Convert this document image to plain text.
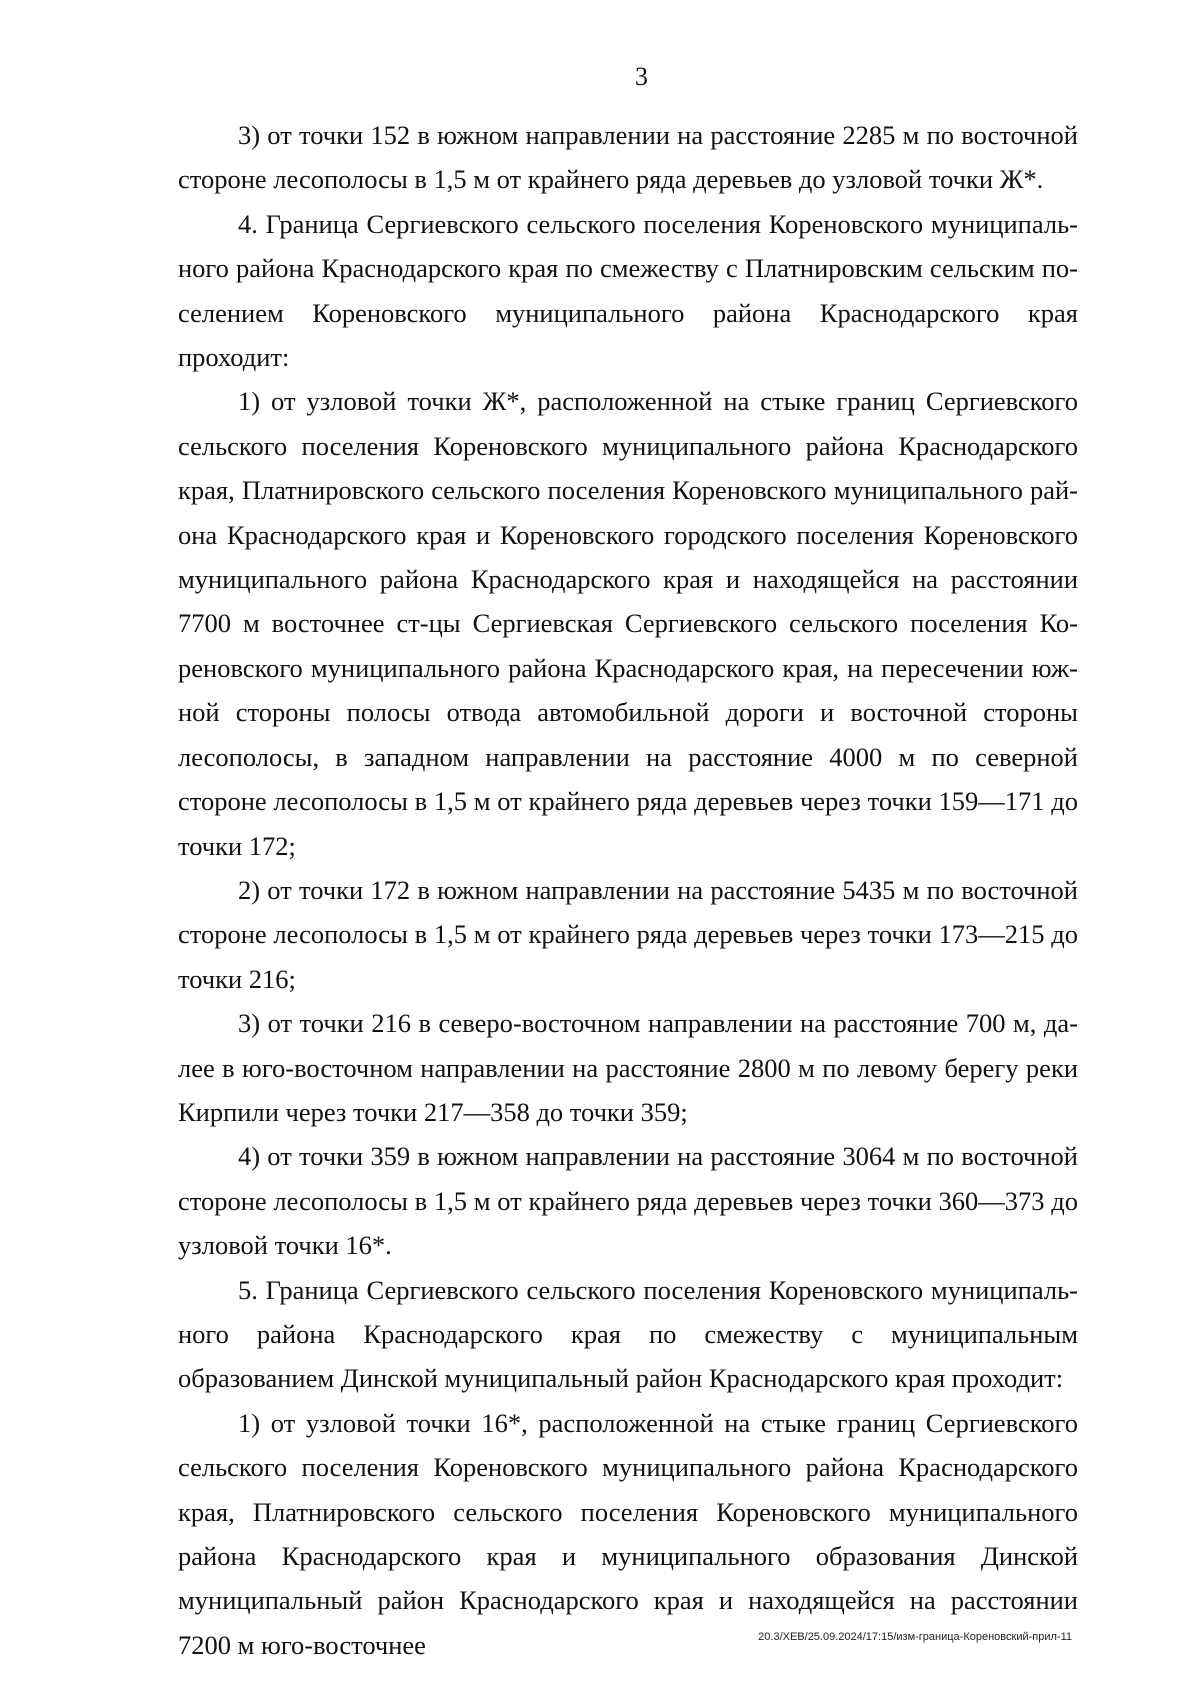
3

3) от точки 152 в южном направлении на расстояние 2285 м по восточной стороне лесополосы в 1,5 м от крайнего ряда деревьев до узловой точки Ж*.

4. Граница Сергиевского сельского поселения Кореновского муниципального района Краснодарского края по смежеству с Платнировским сельским поселением Кореновского муниципального района Краснодарского края проходит:

1) от узловой точки Ж*, расположенной на стыке границ Сергиевского сельского поселения Кореновского муниципального района Краснодарского края, Платнировского сельского поселения Кореновского муниципального района Краснодарского края и Кореновского городского поселения Кореновского муниципального района Краснодарского края и находящейся на расстоянии 7700 м восточнее ст-цы Сергиевская Сергиевского сельского поселения Кореновского муниципального района Краснодарского края, на пересечении южной стороны полосы отвода автомобильной дороги и восточной стороны лесополосы, в западном направлении на расстояние 4000 м по северной стороне лесополосы в 1,5 м от крайнего ряда деревьев через точки 159—171 до точки 172;

2) от точки 172 в южном направлении на расстояние 5435 м по восточной стороне лесополосы в 1,5 м от крайнего ряда деревьев через точки 173—215 до точки 216;

3) от точки 216 в северо-восточном направлении на расстояние 700 м, далее в юго-восточном направлении на расстояние 2800 м по левому берегу реки Кирпили через точки 217—358 до точки 359;

4) от точки 359 в южном направлении на расстояние 3064 м по восточной стороне лесополосы в 1,5 м от крайнего ряда деревьев через точки 360—373 до узловой точки 16*.

5. Граница Сергиевского сельского поселения Кореновского муниципального района Краснодарского края по смежеству с муниципальным образованием Динской муниципальный район Краснодарского края проходит:

1) от узловой точки 16*, расположенной на стыке границ Сергиевского сельского поселения Кореновского муниципального района Краснодарского края, Платнировского сельского поселения Кореновского муниципального района Краснодарского края и муниципального образования Динской муниципальный район Краснодарского края и находящейся на расстоянии 7200 м юго-восточнее	20.3/ХЕВ/25.09.2024/17:15/изм-граница-Кореновский-прил-11
